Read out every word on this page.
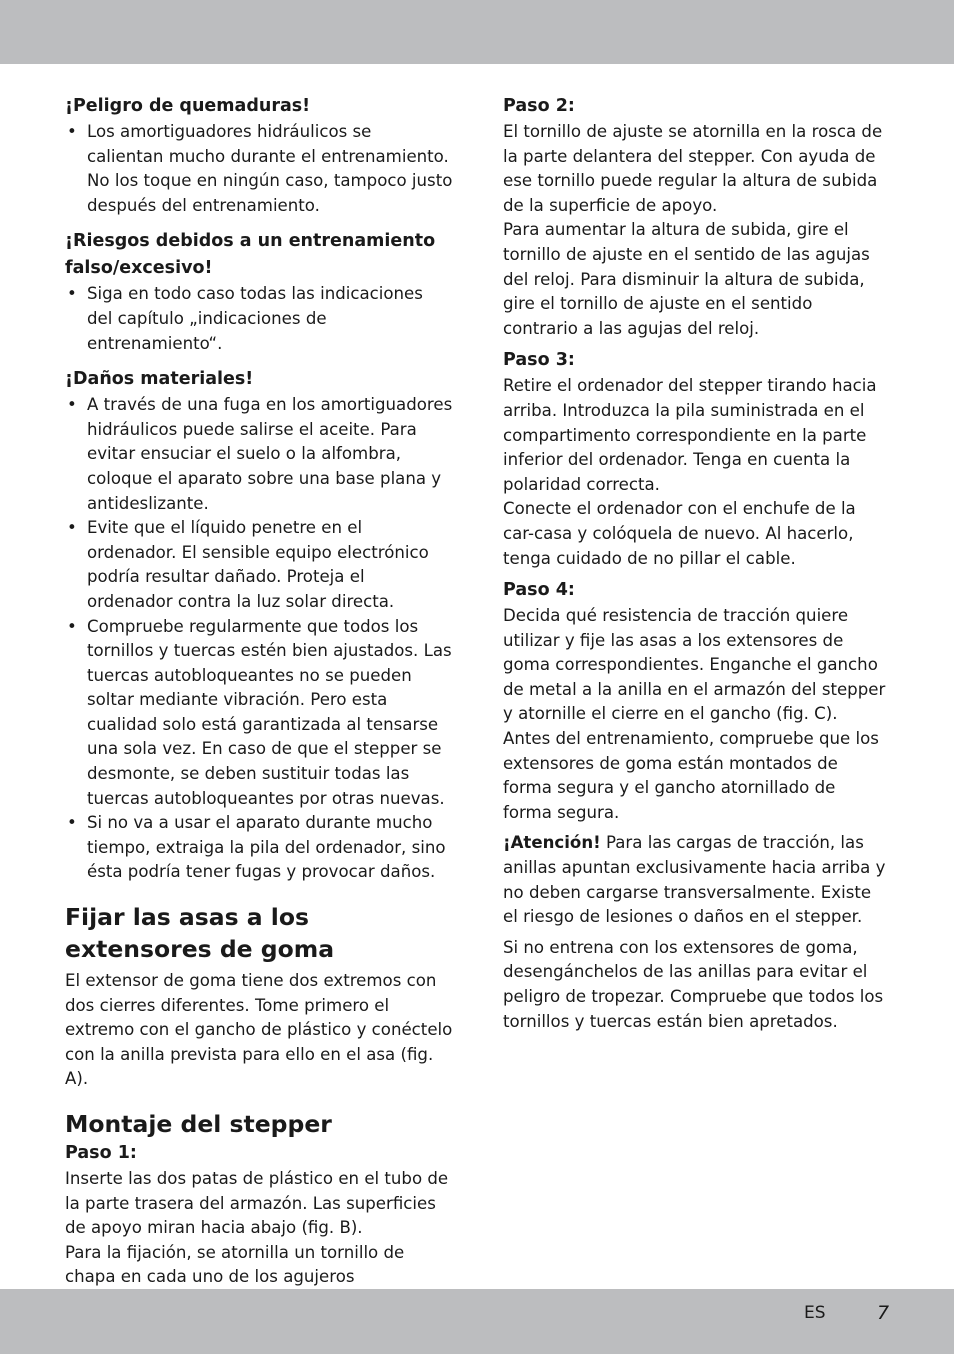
¡Peligro de quemaduras!
• Los amortiguadores hidráulicos se calientan mucho durante el entrenamiento. No los toque en ningún caso, tampoco justo después del entrenamiento.
¡Riesgos debidos a un entrenamiento falso/excesivo!
• Siga en todo caso todas las indicaciones del capítulo „indicaciones de entrenamiento“.
¡Daños materiales!
• A través de una fuga en los amortiguadores hidráulicos puede salirse el aceite. Para evitar ensuciar el suelo o la alfombra, coloque el aparato sobre una base plana y antideslizante.
• Evite que el líquido penetre en el ordenador. El sensible equipo electrónico podría resultar dañado. Proteja el ordenador contra la luz solar directa.
• Compruebe regularmente que todos los tornillos y tuercas estén bien ajustados. Las tuercas autobloqueantes no se pueden soltar mediante vibración. Pero esta cualidad solo está garantizada al tensarse una sola vez. En caso de que el stepper se desmonte, se deben sustituir todas las tuercas autobloqueantes por otras nuevas.
• Si no va a usar el aparato durante mucho tiempo, extraiga la pila del ordenador, sino ésta podría tener fugas y provocar daños.
Fijar las asas a los extensores de goma

El extensor de goma tiene dos extremos con dos cierres diferentes. Tome primero el extremo con el gancho de plástico y conéctelo con la anilla prevista para ello en el asa (fig. A).

Montaje del stepper
Paso 1:

Inserte las dos patas de plástico en el tubo de la parte trasera del armazón. Las superficies de apoyo miran hacia abajo (fig. B).

Para la fijación, se atornilla un tornillo de chapa en cada uno de los agujeros

Paso 2:

El tornillo de ajuste se atornilla en la rosca de la parte delantera del stepper. Con ayuda de ese tornillo puede regular la altura de subida de la superficie de apoyo.

Para aumentar la altura de subida, gire el tornillo de ajuste en el sentido de las agujas del reloj. Para disminuir la altura de subida, gire el tornillo de ajuste en el sentido contrario a las agujas del reloj.

Paso 3:

Retire el ordenador del stepper tirando hacia arriba. Introduzca la pila suministrada en el compartimento correspondiente en la parte inferior del ordenador. Tenga en cuenta la polaridad correcta.

Conecte el ordenador con el enchufe de la car-casa y colóquela de nuevo. Al hacerlo, tenga cuidado de no pillar el cable.

Paso 4:

Decida qué resistencia de tracción quiere utilizar y fije las asas a los extensores de goma correspondientes. Enganche el gancho de metal a la anilla en el armazón del stepper y atornille el cierre en el gancho (fig. C).

Antes del entrenamiento, compruebe que los extensores de goma están montados de forma segura y el gancho atornillado de forma segura.

¡Atención! Para las cargas de tracción, las anillas apuntan exclusivamente hacia arriba y no deben cargarse transversalmente. Existe el riesgo de lesiones o daños en el stepper.

Si no entrena con los extensores de goma, desengánchelos de las anillas para evitar el peligro de tropezar. Compruebe que todos los tornillos y tuercas están bien apretados.

ES	7
